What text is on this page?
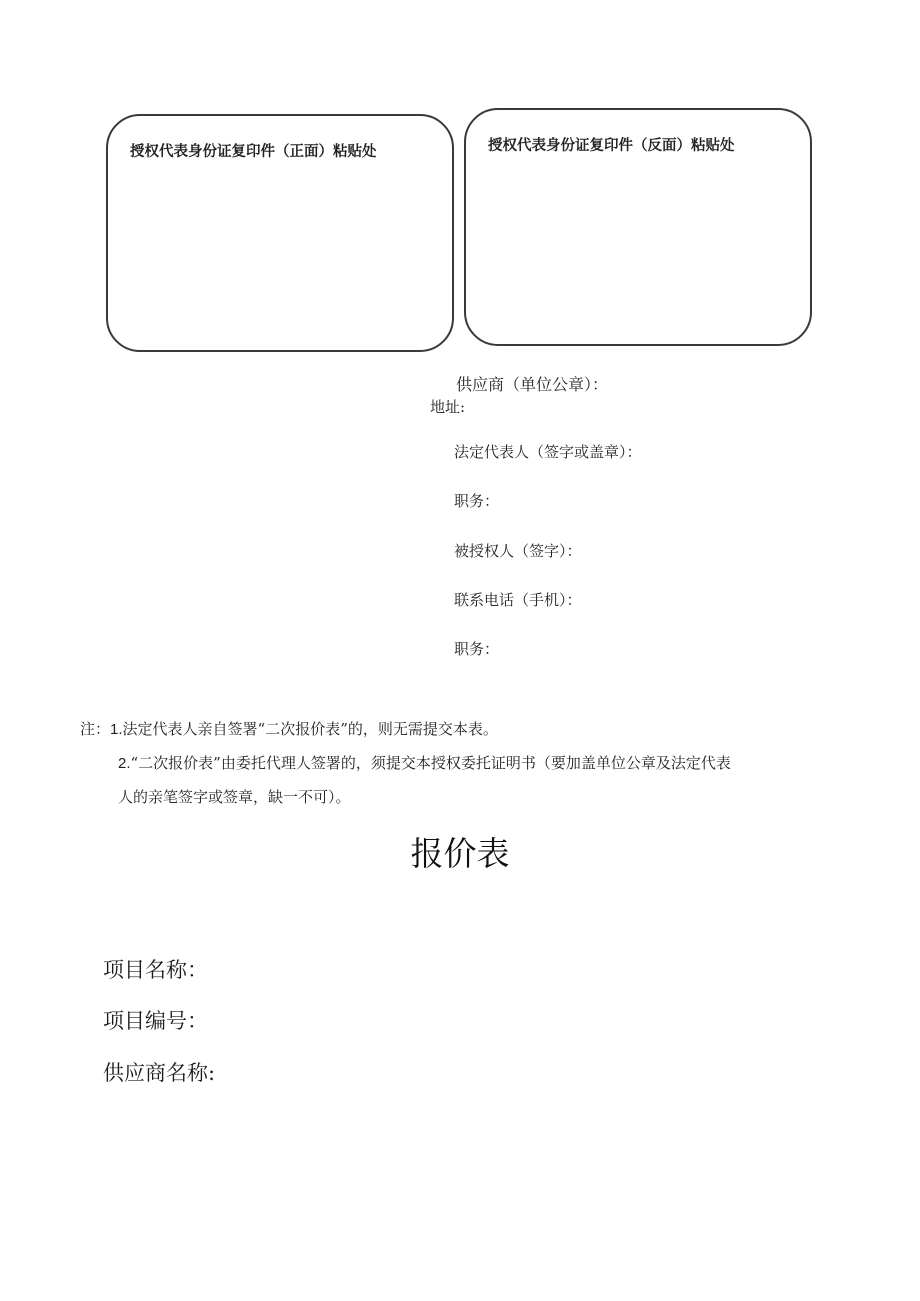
授权代表身份证复印件（正面）粘贴处	授权代表身份证复印件（反面）粘贴处
供应商（单位公章）：
地址:
法定代表人（签字或盖章）：
职务：
被授权人（签字）：
联系电话（手机）：
职务：
注：1.法定代表人亲自签署“二次报价表”的，则无需提交本表。
2.“二次报价表”由委托代理人签署的，须提交本授权委托证明书（要加盖单位公章及法定代表
人的亲笔签字或签章，缺一不可）。
报价表
项目名称：
项目编号：
供应商名称:
